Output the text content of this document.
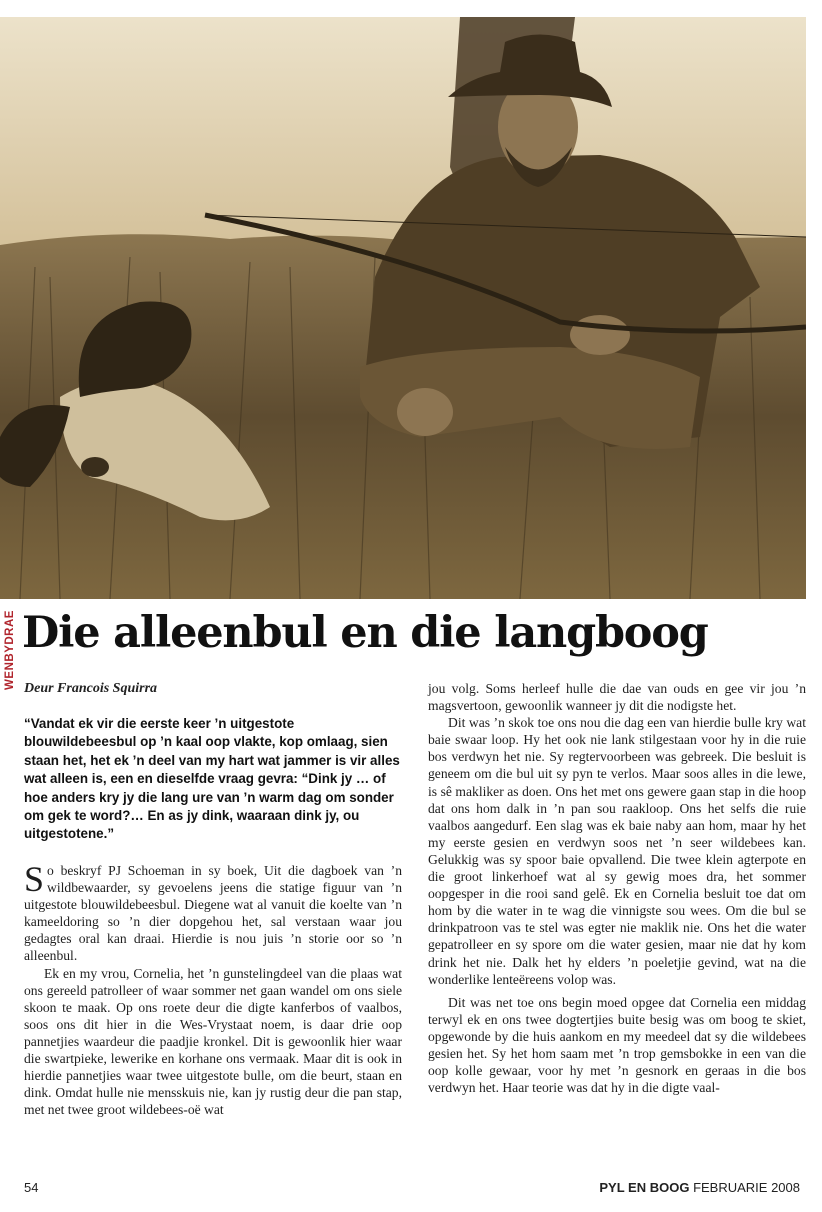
WENBYDRAE Die alleenbul en die langboog
Deur Francois Squirra

“Vandat ek vir die eerste keer ’n uitgestote blouwildebeesbul op ’n kaal oop vlakte, kop omlaag, sien staan het, het ek ’n deel van my hart wat jammer is vir alles wat alleen is, een en dieselfde vraag gevra: “Dink jy … of hoe anders kry jy die lang ure van ’n warm dag om sonder om gek te word?… En as jy dink, waaraan dink jy, ou uitgestotene.”

So beskryf PJ Schoeman in sy boek, Uit die dagboek van ’n wildbewaarder, sy gevoelens jeens die statige figuur van ’n uitgestote blouwildebeesbul. Diegene wat al vanuit die koelte van ’n kameeldoring so ’n dier dopgehou het, sal verstaan waar jou gedagtes oral kan draai. Hierdie is nou juis ’n storie oor so ’n alleenbul.

Ek en my vrou, Cornelia, het ’n gunstelingdeel van die plaas wat ons gereeld patrolleer of waar sommer net gaan wandel om ons siele skoon te maak. Op ons roete deur die digte kanferbos of vaalbos, soos ons dit hier in die Wes-Vrystaat noem, is daar drie oop pannetjies waardeur die paadjie kronkel. Dit is gewoonlik hier waar die swartpieke, lewerike en korhane ons vermaak. Maar dit is ook in hierdie pannetjies waar twee uitgestote bulle, om die beurt, staan en dink. Omdat hulle nie mensskuis nie, kan jy rustig deur die pan stap, met net twee groot wildebees-oë wat

jou volg. Soms herleef hulle die dae van ouds en gee vir jou ’n magsvertoon, gewoonlik wanneer jy dit die nodigste het.

Dit was ’n skok toe ons nou die dag een van hierdie bulle kry wat baie swaar loop. Hy het ook nie lank stilgestaan voor hy in die ruie bos verdwyn het nie. Sy regtervoorbeen was gebreek. Die besluit is geneem om die bul uit sy pyn te verlos. Maar soos alles in die lewe, is sê makliker as doen. Ons het met ons gewere gaan stap in die hoop dat ons hom dalk in ’n pan sou raakloop. Ons het selfs die ruie vaalbos aangedurf. Een slag was ek baie naby aan hom, maar hy het my eerste gesien en verdwyn soos net ’n seer wildebees kan. Gelukkig was sy spoor baie opvallend. Die twee klein agterpote en die groot linkerhoef wat al sy gewig moes dra, het sommer oopgesper in die rooi sand gelê. Ek en Cornelia besluit toe dat om hom by die water in te wag die vinnigste sou wees. Om die bul se drinkpatroon vas te stel was egter nie maklik nie. Ons het die water gepatrolleer en sy spore om die water gesien, maar nie dat hy kom drink het nie. Dalk het hy elders ’n poeletjie gevind, wat na die wonderlike lenteëreens volop was.

Dit was net toe ons begin moed opgee dat Cornelia een middag terwyl ek en ons twee dogtertjies buite besig was om boog te skiet, opgewonde by die huis aankom en my meedeel dat sy die wildebees gesien het. Sy het hom saam met ’n trop gemsbokke in een van die oop kolle gewaar, voor hy met ’n gesnork en geraas in die bos verdwyn het. Haar teorie was dat hy in die digte vaal-

54	PYL EN BOOG FEBRUARIE 2008
